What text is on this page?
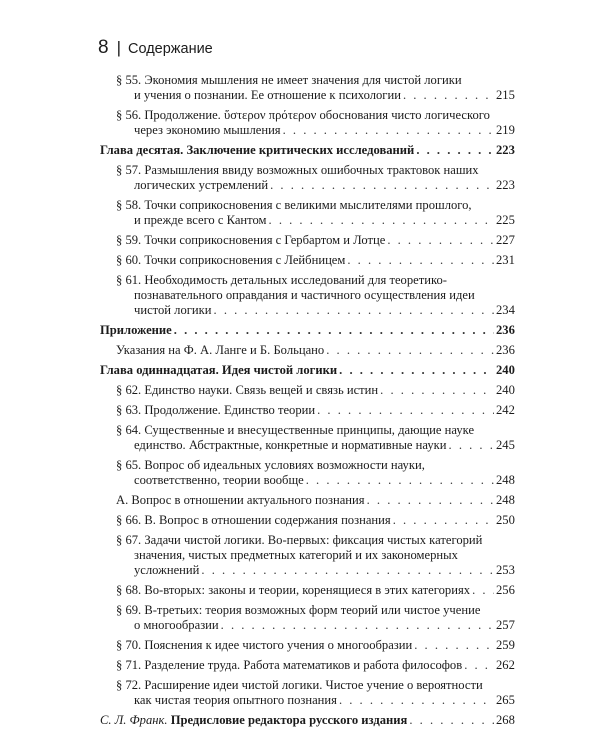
8 | Содержание
§ 55. Экономия мышления не имеет значения для чистой логики
и учения о познании. Ее отношение к психологии . . .	215
§ 56. Продолжение. ὕστερον πρότερον обоснования чисто логического
через экономию мышления . . .	219
Глава десятая. Заключение критических исследований . . .	223
§ 57. Размышления ввиду возможных ошибочных трактовок наших
логических устремлений . . .	223
§ 58. Точки соприкосновения с великими мыслителями прошлого,
и прежде всего с Кантом . . .	225
§ 59. Точки соприкосновения с Гербартом и Лотце . . .	227
§ 60. Точки соприкосновения с Лейбницем . . .	231
§ 61. Необходимость детальных исследований для теоретико-
познавательного оправдания и частичного осуществления идеи
чистой логики . . .	234
Приложение . . .	236
Указания на Ф. А. Ланге и Б. Больцано . . .	236
Глава одиннадцатая. Идея чистой логики . . .	240
§ 62. Единство науки. Связь вещей и связь истин . . .	240
§ 63. Продолжение. Единство теории . . .	242
§ 64. Существенные и внесущественные принципы, дающие науке
единство. Абстрактные, конкретные и нормативные науки . . .	245
§ 65. Вопрос об идеальных условиях возможности науки,
соответственно, теории вообще . . .	248
А. Вопрос в отношении актуального познания . . .	248
§ 66. В. Вопрос в отношении содержания познания . . .	250
§ 67. Задачи чистой логики. Во-первых: фиксация чистых категорий
значения, чистых предметных категорий и их закономерных
усложнений . . .	253
§ 68. Во-вторых: законы и теории, коренящиеся в этих категориях . . . 256
§ 69. В-третьих: теория возможных форм теорий или чистое учение
о многообразии . . .	257
§ 70. Пояснения к идее чистого учения о многообразии . . .	259
§ 71. Разделение труда. Работа математиков и работа философов . . .	262
§ 72. Расширение идеи чистой логики. Чистое учение о вероятности
как чистая теория опытного познания . . .	265
С. Л. Франк. Предисловие редактора русского издания . . .	268
